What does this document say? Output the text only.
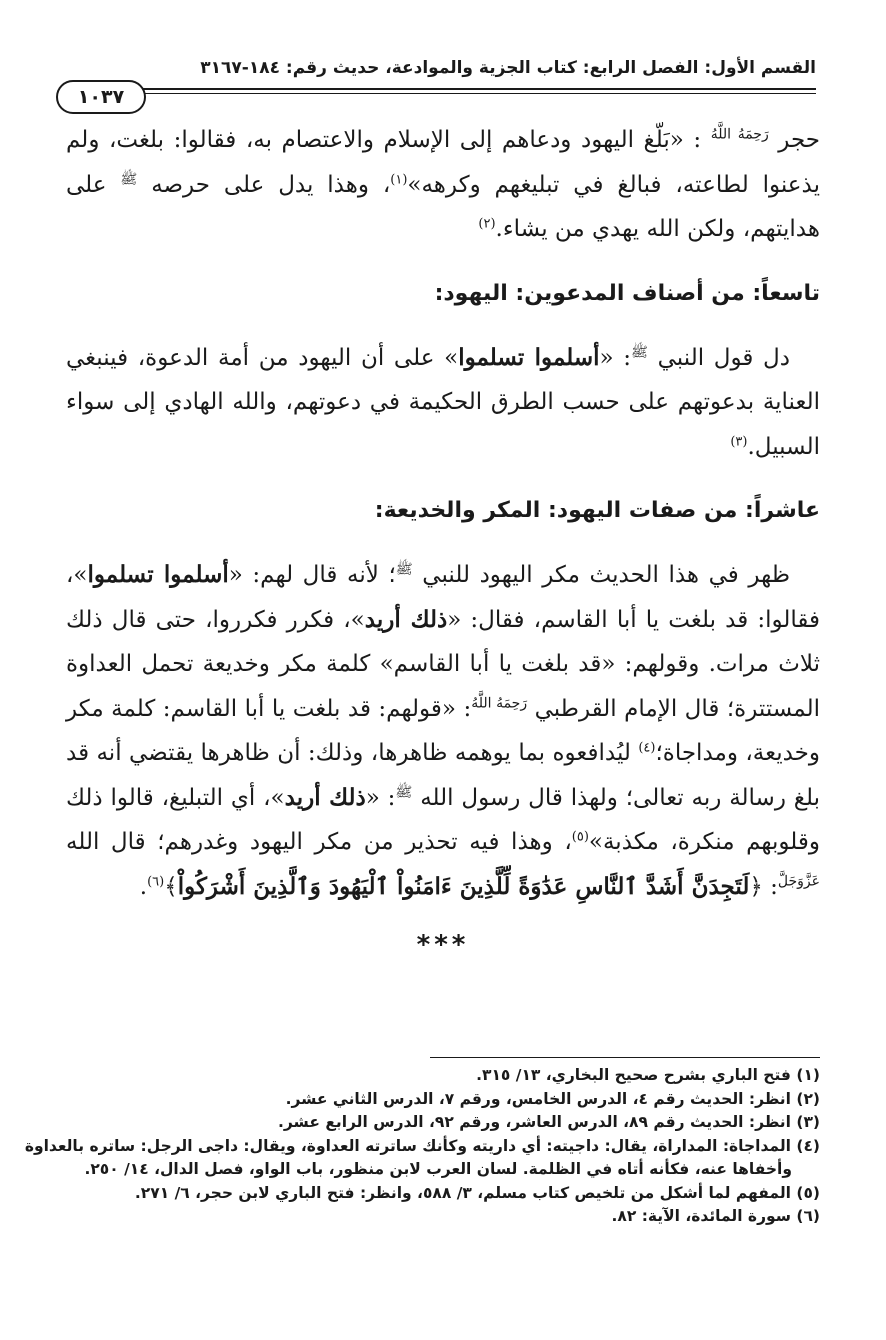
القسم الأول: الفصل الرابع: كتاب الجزية والموادعة، حديث رقم: ١٨٤-٣١٦٧
١٠٣٧

حجر $^{رَحِمَهُ اللَّهُ}$ : «بَلّغ اليهود ودعاهم إلى الإسلام والاعتصام به، فقالوا: بلغت، ولم يذعنوا لطاعته، فبالغ في تبليغهم وكرهه»$^{(١)}$، وهذا يدل على حرصه $^ﷺ$ على هدايتهم، ولكن الله يهدي من يشاء.$^{(٢)}$

تاسعاً: من أصناف المدعوين: اليهود:

دل قول النبي $^ﷺ$: «أسلموا تسلموا» على أن اليهود من أمة الدعوة، فينبغي العناية بدعوتهم على حسب الطرق الحكيمة في دعوتهم، والله الهادي إلى سواء السبيل.$^{(٣)}$

عاشراً: من صفات اليهود: المكر والخديعة:

ظهر في هذا الحديث مكر اليهود للنبي $^ﷺ$؛ لأنه قال لهم: «أسلموا تسلموا»، فقالوا: قد بلغت يا أبا القاسم، فقال: «ذلك أريد»، فكرر فكرروا، حتى قال ذلك ثلاث مرات. وقولهم: «قد بلغت يا أبا القاسم» كلمة مكر وخديعة تحمل العداوة المستترة؛ قال الإمام القرطبي $^{رَحِمَهُ اللَّهُ}$: «قولهم: قد بلغت يا أبا القاسم: كلمة مكر وخديعة، ومداجاة؛$^{(٤)}$ ليُدافعوه بما يوهمه ظاهرها، وذلك: أن ظاهرها يقتضي أنه قد بلغ رسالة ربه تعالى؛ ولهذا قال رسول الله $^ﷺ$: «ذلك أريد»، أي التبليغ، قالوا ذلك وقلوبهم منكرة، مكذبة»$^{(٥)}$، وهذا فيه تحذير من مكر اليهود وغدرهم؛ قال الله $^{عَزَّوَجَلَّ}$: ﴿لَتَجِدَنَّ أَشَدَّ ٱلنَّاسِ عَدَٰوَةً لِّلَّذِينَ ءَامَنُواْ ٱلْيَهُودَ وَٱلَّذِينَ أَشْرَكُواْ﴾$^{(٦)}$.

***
(١) فتح الباري بشرح صحيح البخاري، ١٣/ ٣١٥.
(٢) انظر: الحديث رقم ٤، الدرس الخامس، ورقم ٧، الدرس الثاني عشر.
(٣) انظر: الحديث رقم ٨٩، الدرس العاشر، ورقم ٩٢، الدرس الرابع عشر.
(٤) المداجاة: المداراة، يقال: داجيته: أي داريته وكأنك ساترته العداوة، ويقال: داجى الرجل: ساتره بالعداوة
وأخفاها عنه، فكأنه أتاه في الظلمة. لسان العرب لابن منظور، باب الواو، فصل الدال، ١٤/ ٢٥٠.
(٥) المفهم لما أشكل من تلخيص كتاب مسلم، ٣/ ٥٨٨، وانظر: فتح الباري لابن حجر، ٦/ ٢٧١.
(٦) سورة المائدة، الآية: ٨٢.
